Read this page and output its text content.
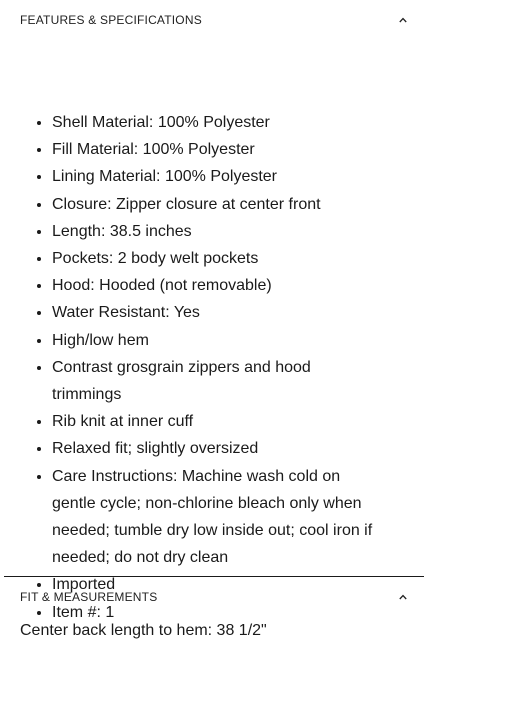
FEATURES & SPECIFICATIONS
• Shell Material: 100% Polyester
• Fill Material: 100% Polyester
• Lining Material: 100% Polyester
• Closure: Zipper closure at center front
• Length: 38.5 inches
• Pockets: 2 body welt pockets
• Hood: Hooded (not removable)
• Water Resistant: Yes
• High/low hem
• Contrast grosgrain zippers and hood trimmings
• Rib knit at inner cuff
• Relaxed fit; slightly oversized
• Care Instructions: Machine wash cold on gentle cycle; non-chlorine bleach only when needed; tumble dry low inside out; cool iron if needed; do not dry clean
• Imported
• Item #: 1
FIT & MEASUREMENTS
Center back length to hem: 38 1/2"
